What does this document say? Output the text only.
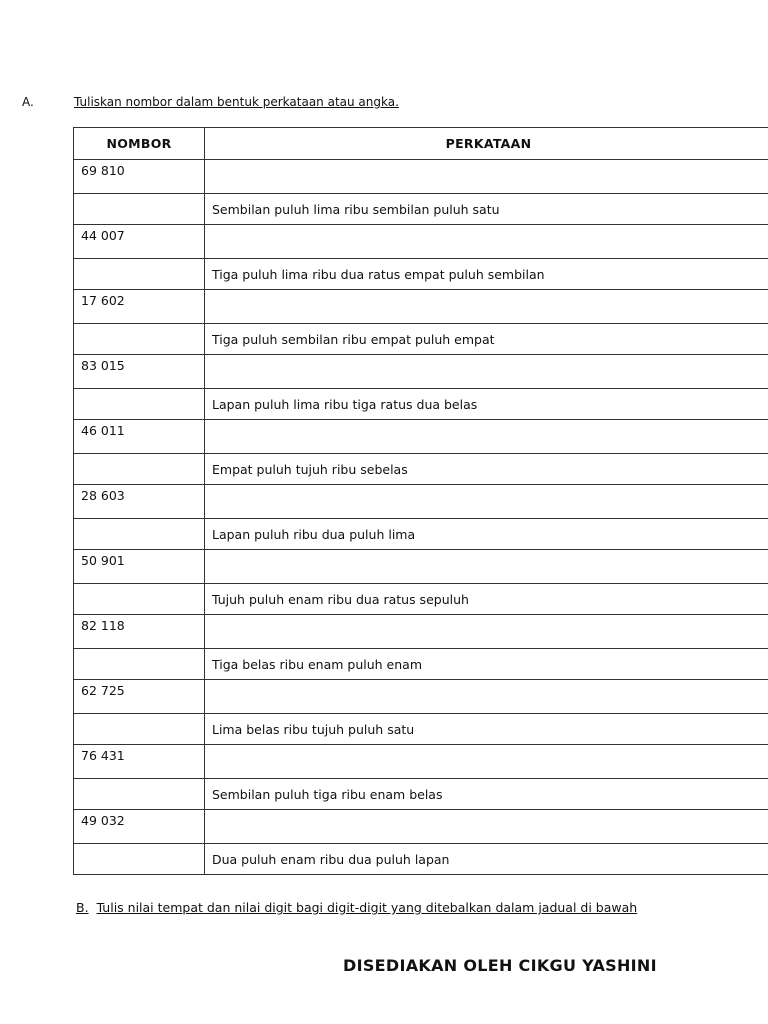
A.	Tuliskan nombor dalam bentuk perkataan atau angka.
NOMBOR	PERKATAAN
69 810	
	Sembilan puluh lima ribu sembilan puluh satu
44 007	
	Tiga puluh lima ribu dua ratus empat puluh sembilan
17 602	
	Tiga puluh sembilan ribu empat puluh empat
83 015	
	Lapan puluh lima ribu tiga ratus dua belas
46 011	
	Empat puluh tujuh ribu sebelas
28 603	
	Lapan puluh ribu dua puluh lima
50 901	
	Tujuh puluh enam ribu dua ratus sepuluh
82 118	
	Tiga belas ribu enam puluh enam
62 725	
	Lima belas ribu tujuh puluh satu
76 431	
	Sembilan puluh tiga ribu enam belas
49 032	
	Dua puluh enam ribu dua puluh lapan
B. Tulis nilai tempat dan nilai digit bagi digit-digit yang ditebalkan dalam jadual di bawah
DISEDIAKAN OLEH CIKGU YASHINI
